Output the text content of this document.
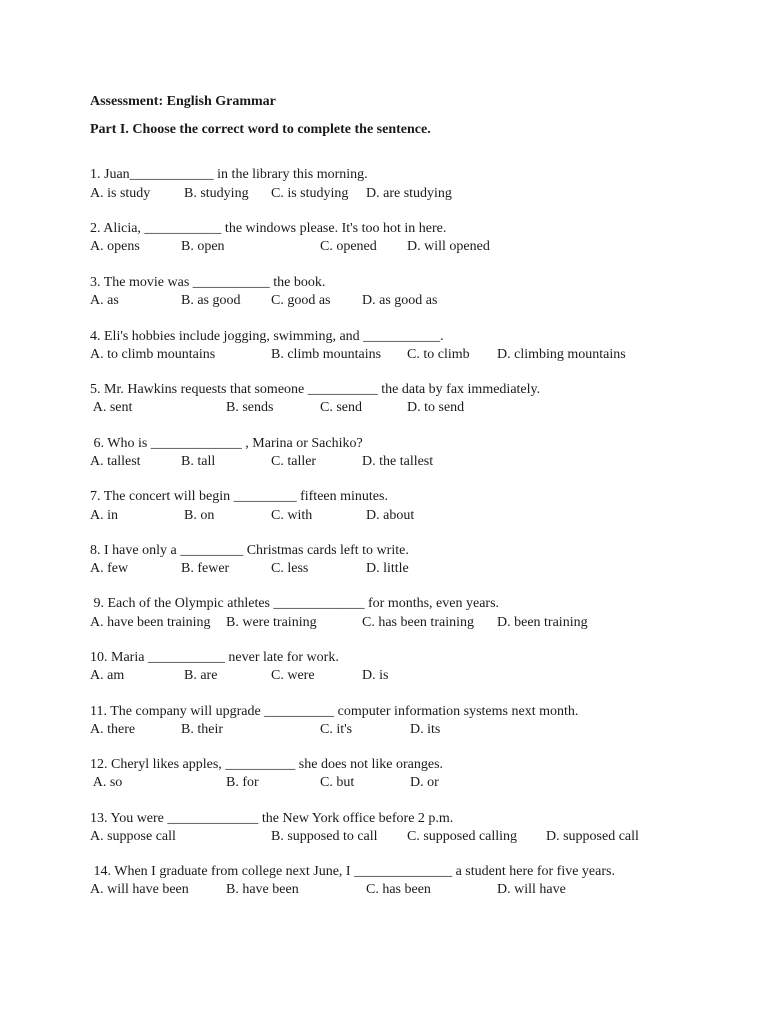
Assessment: English Grammar
Part I. Choose the correct word to complete the sentence.
1. Juan____________ in the library this morning.
A. is study B. studying C. is studying D. are studying
2. Alicia, ___________ the windows please. It's too hot in here.
A. opens	B. open	C. opened D. will opened
3. The movie was ___________ the book.
A. as	B. as good C. good as D. as good as
4. Eli's hobbies include jogging, swimming, and ___________.
A. to climb mountains	B. climb mountains C. to climb D. climbing mountains
5. Mr. Hawkins requests that someone __________ the data by fax immediately.
A. sent	B. sends	C. send	D. to send
6. Who is _____________ , Marina or Sachiko?
A. tallest	B. tall	C. taller	D. the tallest
7. The concert will begin _________ fifteen minutes.
A. in	B. on	C. with	D. about
8. I have only a _________ Christmas cards left to write.
A. few	B. fewer	C. less	D. little
9. Each of the Olympic athletes _____________ for months, even years.
A. have been training B. were training	C. has been training D. been training
10. Maria ___________ never late for work.
A. am	B. are	C. were	D. is
11. The company will upgrade __________ computer information systems next month.
A. there	B. their	C. it's	D. its
12. Cheryl likes apples, __________ she does not like oranges.
A. so	B. for	C. but	D. or
13. You were _____________ the New York office before 2 p.m.
A. suppose call	B. supposed to call C. supposed calling D. supposed call
14. When I graduate from college next June, I ______________ a student here for five years.
A. will have been	B. have been	C. has been	D. will have
